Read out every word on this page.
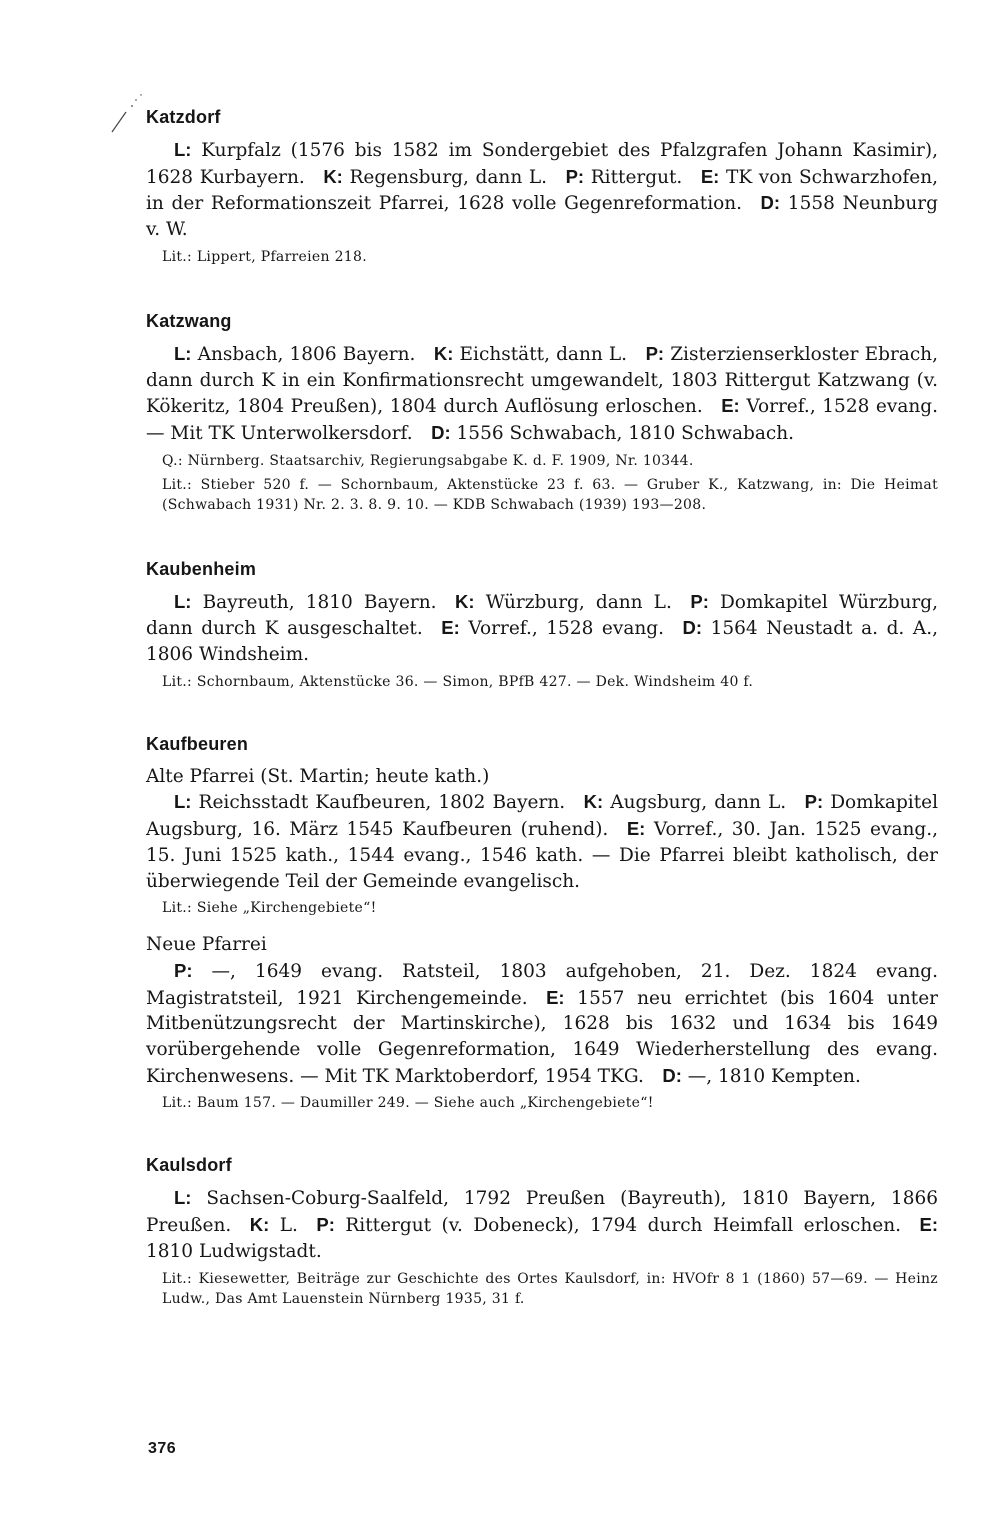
Katzdorf

L: Kurpfalz (1576 bis 1582 im Sondergebiet des Pfalzgrafen Johann Kasimir), 1628 Kurbayern.  K: Regensburg, dann L.  P: Rittergut.  E: TK von Schwarzhofen, in der Reformationszeit Pfarrei, 1628 volle Gegenreformation.  D: 1558 Neunburg v. W.

Lit.: Lippert, Pfarreien 218.

Katzwang

L: Ansbach, 1806 Bayern.  K: Eichstätt, dann L.  P: Zisterzienserkloster Ebrach, dann durch K in ein Konfirmationsrecht umgewandelt, 1803 Rittergut Katzwang (v. Kökeritz, 1804 Preußen), 1804 durch Auflösung erloschen.  E: Vorref., 1528 evang. — Mit TK Unterwolkersdorf.  D: 1556 Schwabach, 1810 Schwabach.

Q.: Nürnberg. Staatsarchiv, Regierungsabgabe K. d. F. 1909, Nr. 10344.

Lit.: Stieber 520 f. — Schornbaum, Aktenstücke 23 f. 63. — Gruber K., Katzwang, in: Die Heimat (Schwabach 1931) Nr. 2. 3. 8. 9. 10. — KDB Schwabach (1939) 193—208.

Kaubenheim

L: Bayreuth, 1810 Bayern.  K: Würzburg, dann L.  P: Domkapitel Würzburg, dann durch K ausgeschaltet.  E: Vorref., 1528 evang.  D: 1564 Neustadt a. d. A., 1806 Windsheim.

Lit.: Schornbaum, Aktenstücke 36. — Simon, BPfB 427. — Dek. Windsheim 40 f.

Kaufbeuren

Alte Pfarrei (St. Martin; heute kath.)

L: Reichsstadt Kaufbeuren, 1802 Bayern.  K: Augsburg, dann L.  P: Domkapitel Augsburg, 16. März 1545 Kaufbeuren (ruhend).  E: Vorref., 30. Jan. 1525 evang., 15. Juni 1525 kath., 1544 evang., 1546 kath. — Die Pfarrei bleibt katholisch, der überwiegende Teil der Gemeinde evangelisch.

Lit.: Siehe „Kirchengebiete“!

Neue Pfarrei

P: —, 1649 evang. Ratsteil, 1803 aufgehoben, 21. Dez. 1824 evang. Magistratsteil, 1921 Kirchengemeinde.  E: 1557 neu errichtet (bis 1604 unter Mitbenützungsrecht der Martinskirche), 1628 bis 1632 und 1634 bis 1649 vorübergehende volle Gegenreformation, 1649 Wiederherstellung des evang. Kirchenwesens. — Mit TK Marktoberdorf, 1954 TKG.  D: —, 1810 Kempten.

Lit.: Baum 157. — Daumiller 249. — Siehe auch „Kirchengebiete“!

Kaulsdorf

L: Sachsen-Coburg-Saalfeld, 1792 Preußen (Bayreuth), 1810 Bayern, 1866 Preußen.  K: L.  P: Rittergut (v. Dobeneck), 1794 durch Heimfall erloschen.  E: 1810 Ludwigstadt.

Lit.: Kiesewetter, Beiträge zur Geschichte des Ortes Kaulsdorf, in: HVOfr 8 1 (1860) 57—69. — Heinz Ludw., Das Amt Lauenstein Nürnberg 1935, 31 f.

376
